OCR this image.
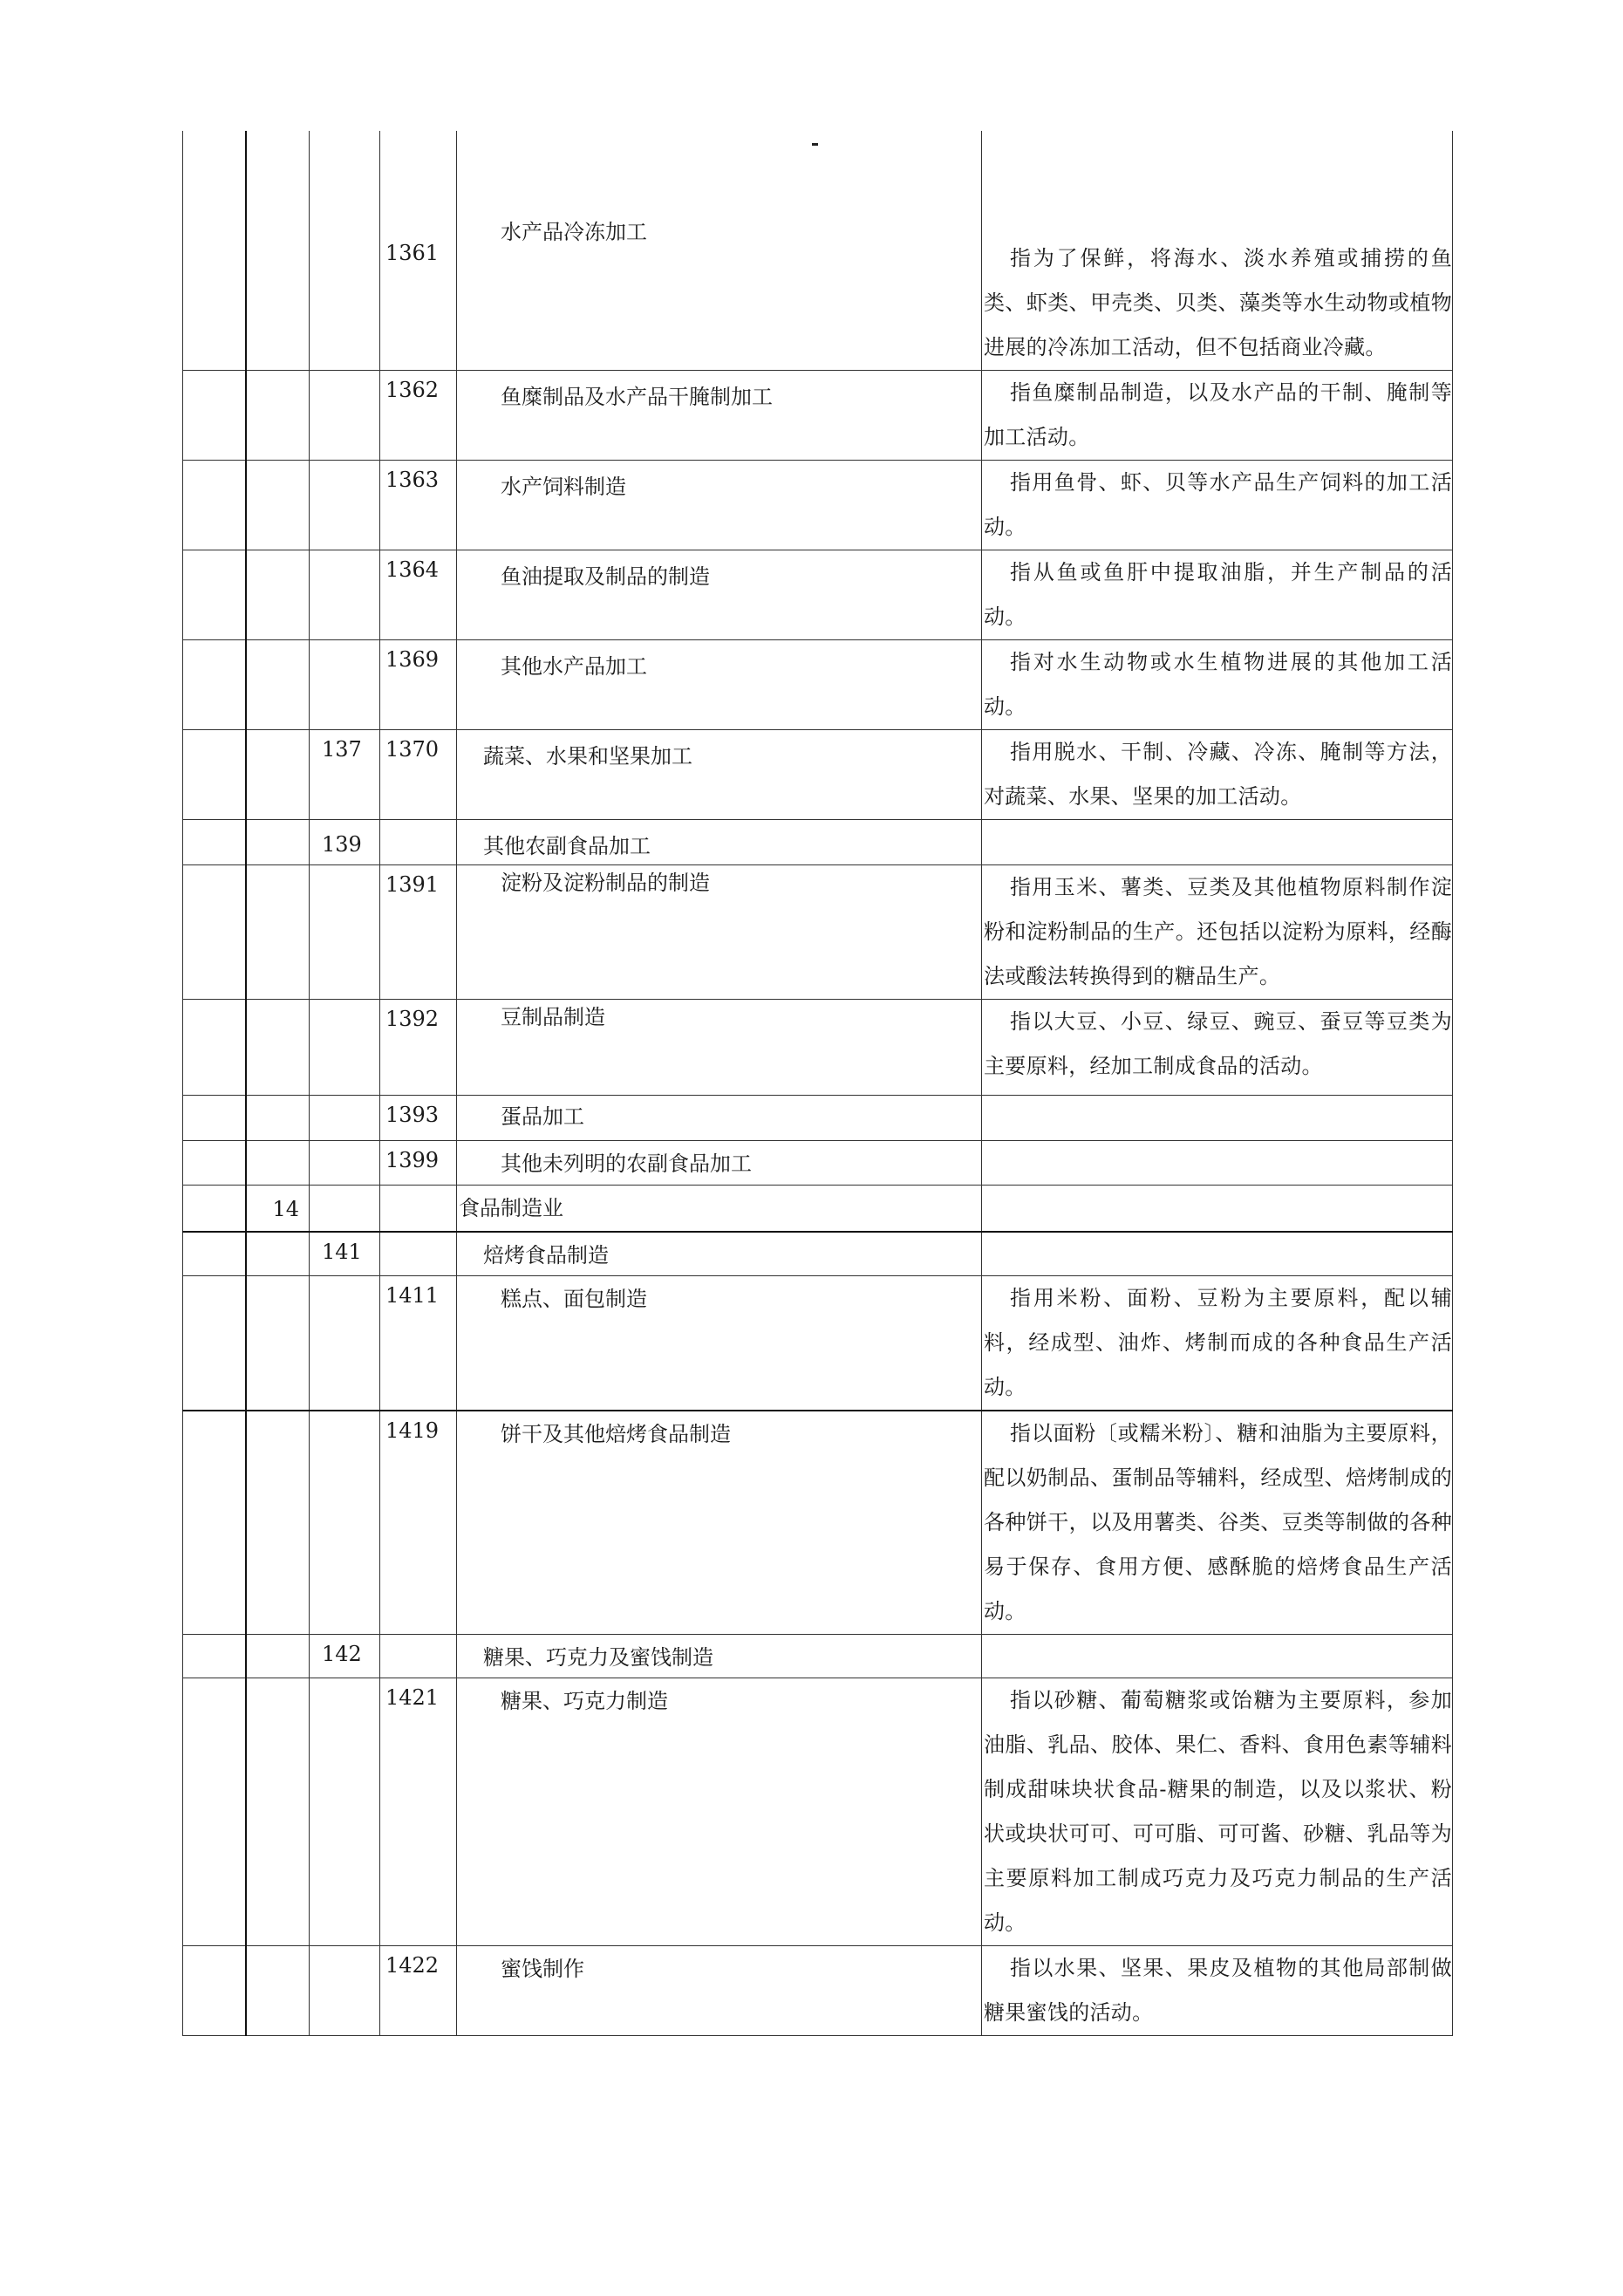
			1361	水产品冷冻加工	指为了保鲜，将海水、淡水养殖或捕捞的鱼类、虾类、甲壳类、贝类、藻类等水生动物或植物进展的冷冻加工活动，但不包括商业冷藏。

			1362	鱼糜制品及水产品干腌制加工	指鱼糜制品制造，以及水产品的干制、腌制等加工活动。

			1363	水产饲料制造	指用鱼骨、虾、贝等水产品生产饲料的加工活动。

			1364	鱼油提取及制品的制造	指从鱼或鱼肝中提取油脂，并生产制品的活动。

			1369	其他水产品加工	指对水生动物或水生植物进展的其他加工活动。

		137	1370	蔬菜、水果和坚果加工	指用脱水、干制、冷藏、冷冻、腌制等方法，对蔬菜、水果、坚果的加工活动。

		139		其他农副食品加工	

			1391	淀粉及淀粉制品的制造	指用玉米、薯类、豆类及其他植物原料制作淀粉和淀粉制品的生产。还包括以淀粉为原料，经酶法或酸法转换得到的糖品生产。

			1392	豆制品制造	指以大豆、小豆、绿豆、豌豆、蚕豆等豆类为主要原料，经加工制成食品的活动。

			1393	蛋品加工	

			1399	其他未列明的农副食品加工	

	14			食品制造业	

		141		焙烤食品制造	

			1411	糕点、面包制造	指用米粉、面粉、豆粉为主要原料，配以辅料，经成型、油炸、烤制而成的各种食品生产活动。

			1419	饼干及其他焙烤食品制造	指以面粉〔或糯米粉〕、糖和油脂为主要原料，配以奶制品、蛋制品等辅料，经成型、焙烤制成的各种饼干，以及用薯类、谷类、豆类等制做的各种易于保存、食用方便、感酥脆的焙烤食品生产活动。

		142		糖果、巧克力及蜜饯制造	

			1421	糖果、巧克力制造	指以砂糖、葡萄糖浆或饴糖为主要原料，参加油脂、乳品、胶体、果仁、香料、食用色素等辅料制成甜味块状食品-糖果的制造，以及以浆状、粉状或块状可可、可可脂、可可酱、砂糖、乳品等为主要原料加工制成巧克力及巧克力制品的生产活动。

			1422	蜜饯制作	指以水果、坚果、果皮及植物的其他局部制做糖果蜜饯的活动。
